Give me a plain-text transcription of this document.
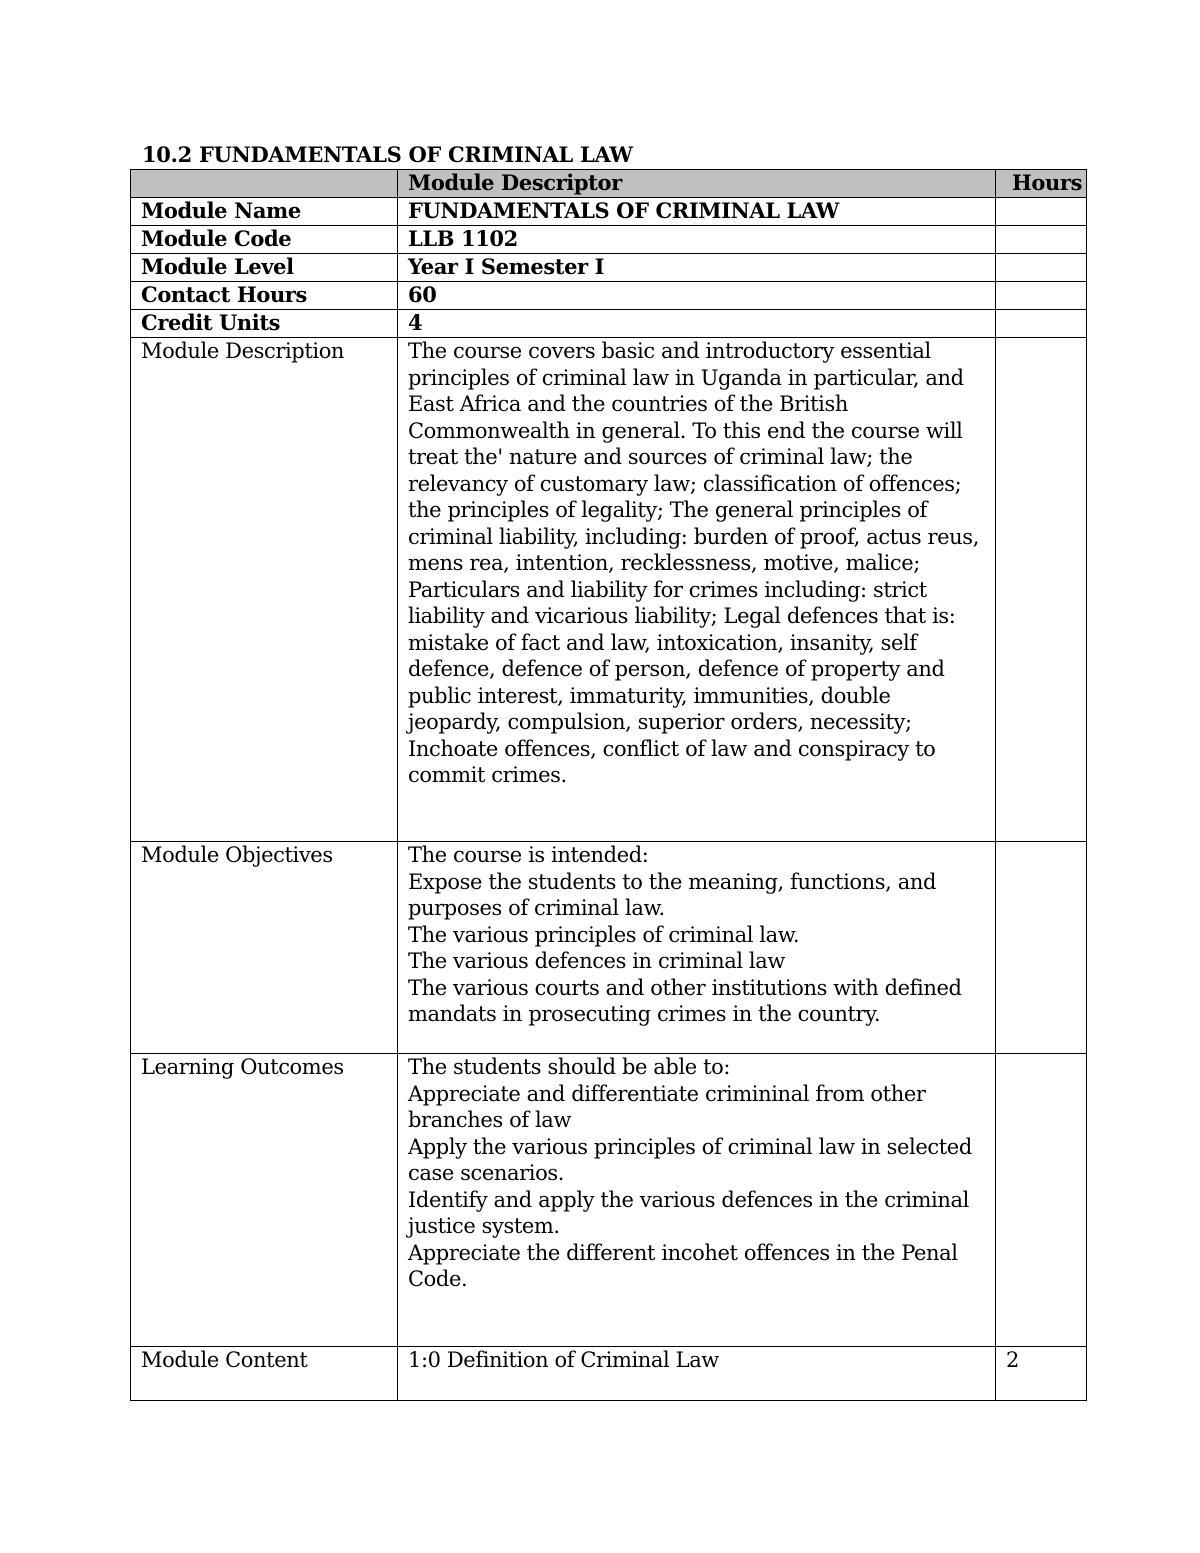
10.2 FUNDAMENTALS OF CRIMINAL LAW
	Module Descriptor	Hours
Module Name	FUNDAMENTALS OF CRIMINAL LAW	
Module Code	LLB 1102	
Module Level	Year I Semester I	
Contact Hours	60	
Credit Units	4	
Module Description	The course covers basic and introductory essential principles of criminal law in Uganda in particular, and East Africa and the countries of the British Commonwealth in general. To this end the course will treat the' nature and sources of criminal law; the relevancy of customary law; classification of offences; the principles of legality; The general principles of criminal liability, including: burden of proof, actus reus, mens rea, intention, recklessness, motive, malice; Particulars and liability for crimes including: strict liability and vicarious liability; Legal defences that is: mistake of fact and law, intoxication, insanity, self defence, defence of person, defence of property and public interest, immaturity, immunities, double jeopardy, compulsion, superior orders, necessity; Inchoate offences, conflict of law and conspiracy to commit crimes.	
Module Objectives	The course is intended:
Expose the students to the meaning, functions, and purposes of criminal law.
The various principles of criminal law.
The various defences in criminal law
The various courts and other institutions with defined mandats in prosecuting crimes in the country.	

Learning Outcomes	The students should be able to:
Appreciate and differentiate crimininal from other branches of law
Apply the various principles of criminal law in selected case scenarios.
Identify and apply the various defences in the criminal justice system.
Appreciate the different incohet offences in the Penal Code.	

Module Content	1:0 Definition of Criminal Law	2
